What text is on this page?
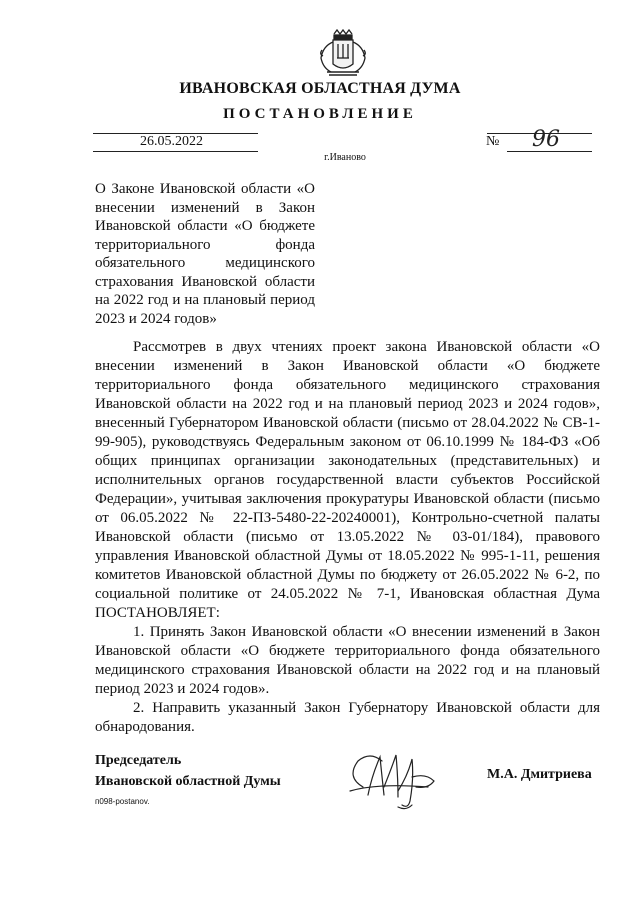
ИВАНОВСКАЯ ОБЛАСТНАЯ ДУМА
ПОСТАНОВЛЕНИЕ
26.05.2022	№ 96
г.Иваново
О Законе Ивановской области «О внесении изменений в Закон Ивановской области «О бюджете территориального фонда обязательного медицинского страхования Ивановской области на 2022 год и на плановый период 2023 и 2024 годов»

Рассмотрев в двух чтениях проект закона Ивановской области «О внесении изменений в Закон Ивановской области «О бюджете территориального фонда обязательного медицинского страхования Ивановской области на 2022 год и на плановый период 2023 и 2024 годов», внесенный Губернатором Ивановской области (письмо от 28.04.2022 № СВ-1-99-905), руководствуясь Федеральным законом от 06.10.1999 № 184-ФЗ «Об общих принципах организации законодательных (представительных) и исполнительных органов государственной власти субъектов Российской Федерации», учитывая заключения прокуратуры Ивановской области (письмо от 06.05.2022 № 22-ПЗ-5480-22-20240001), Контрольно-счетной палаты Ивановской области (письмо от 13.05.2022 № 03-01/184), правового управления Ивановской областной Думы от 18.05.2022 № 995-1-11, решения комитетов Ивановской областной Думы по бюджету от 26.05.2022 № 6-2, по социальной политике от 24.05.2022 № 7-1, Ивановская областная Дума ПОСТАНОВЛЯЕТ:

1. Принять Закон Ивановской области «О внесении изменений в Закон Ивановской области «О бюджете территориального фонда обязательного медицинского страхования Ивановской области на 2022 год и на плановый период 2023 и 2024 годов».

2. Направить указанный Закон Губернатору Ивановской области для обнародования.

Председатель
Ивановской областной Думы	М.А. Дмитриева
п098-postanov.
